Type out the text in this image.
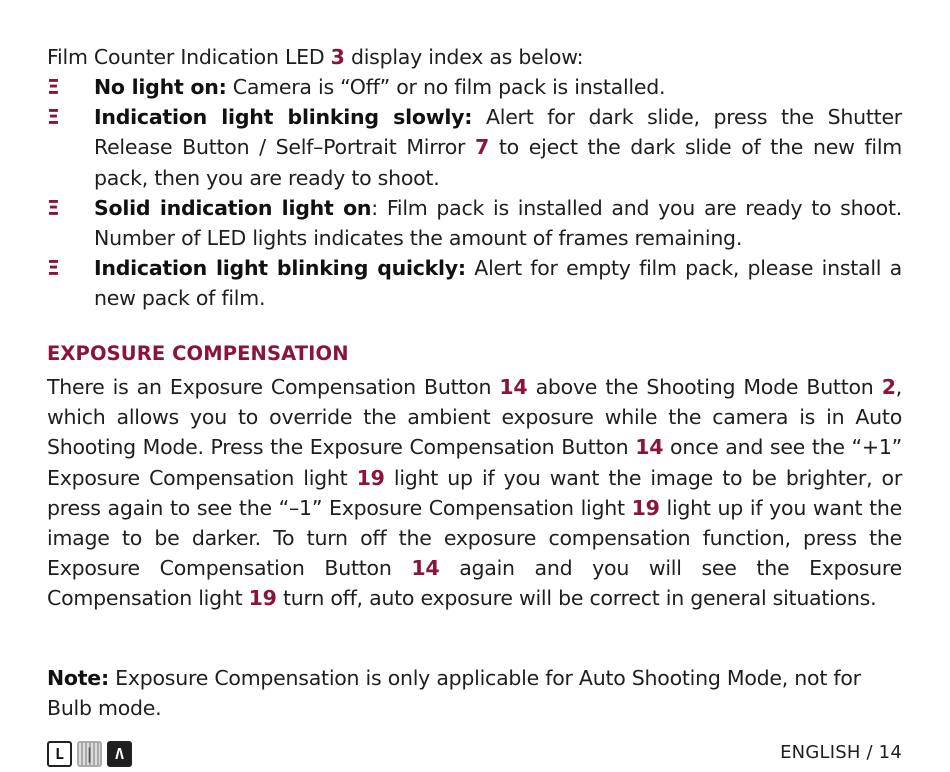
Film Counter Indication LED 3 display index as below:
Ξ No light on: Camera is “Off” or no film pack is installed.
Ξ Indication light blinking slowly: Alert for dark slide, press the Shutter Release Button / Self–Portrait Mirror 7 to eject the dark slide of the new film pack, then you are ready to shoot.
Ξ Solid indication light on: Film pack is installed and you are ready to shoot. Number of LED lights indicates the amount of frames remaining.
Ξ Indication light blinking quickly: Alert for empty film pack, please install a new pack of film.
EXPOSURE COMPENSATION

There is an Exposure Compensation Button 14 above the Shooting Mode Button 2, which allows you to override the ambient exposure while the camera is in Auto Shooting Mode. Press the Exposure Compensation Button 14 once and see the “+1” Exposure Compensation light 19 light up if you want the image to be brighter, or press again to see the “–1” Exposure Compensation light 19 light up if you want the image to be darker. To turn off the exposure compensation function, press the Exposure Compensation Button 14 again and you will see the Exposure Compensation light 19 turn off, auto exposure will be correct in general situations.

Note: Exposure Compensation is only applicable for Auto Shooting Mode, not for Bulb mode.

L	|	Λ	ENGLISH / 14
